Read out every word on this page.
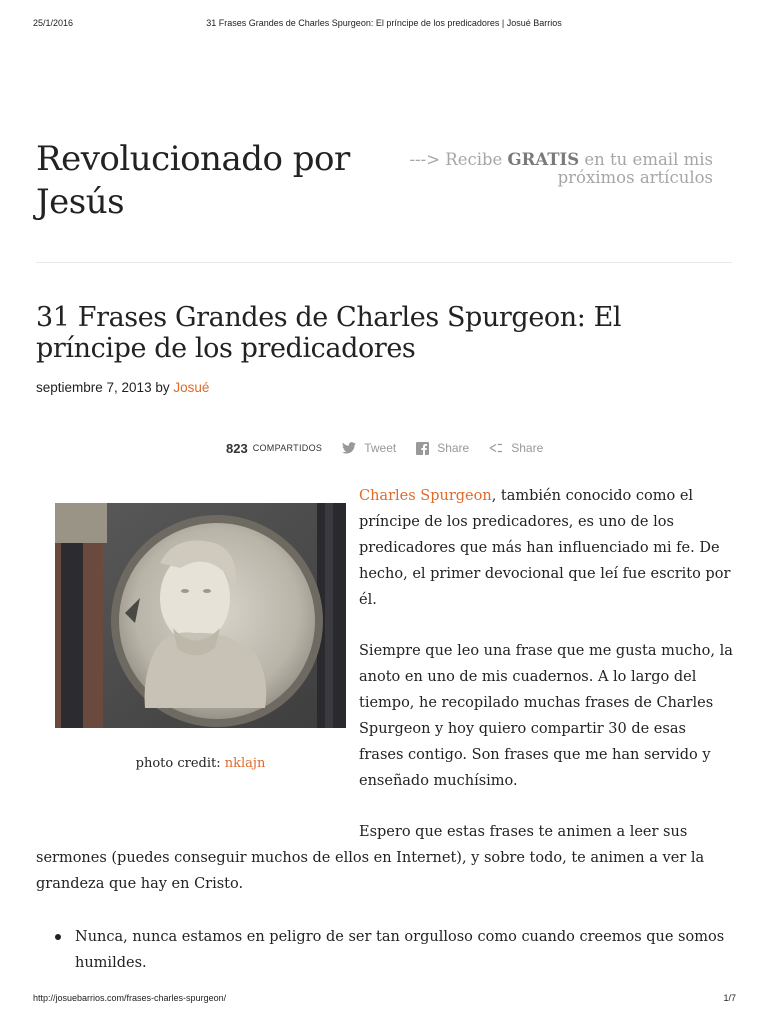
25/1/2016	31 Frases Grandes de Charles Spurgeon: El príncipe de los predicadores | Josué Barrios
Revolucionado por Jesús
---> Recibe GRATIS en tu email mis próximos artículos
31 Frases Grandes de Charles Spurgeon: El príncipe de los predicadores
septiembre 7, 2013 by Josué
823 COMPARTIDOS	Tweet	Share	Share
photo credit: nklajn

Charles Spurgeon, también conocido como el príncipe de los predicadores, es uno de los predicadores que más han influenciado mi fe. De hecho, el primer devocional que leí fue escrito por él.

Siempre que leo una frase que me gusta mucho, la anoto en uno de mis cuadernos. A lo largo del tiempo, he recopilado muchas frases de Charles Spurgeon y hoy quiero compartir 30 de esas frases contigo. Son frases que me han servido y enseñado muchísimo.

Espero que estas frases te animen a leer sus

sermones (puedes conseguir muchos de ellos en Internet), y sobre todo, te animen a ver la grandeza que hay en Cristo.

Nunca, nunca estamos en peligro de ser tan orgulloso como cuando creemos que somos humildes.
http://josuebarrios.com/frases-charles-spurgeon/	1/7
